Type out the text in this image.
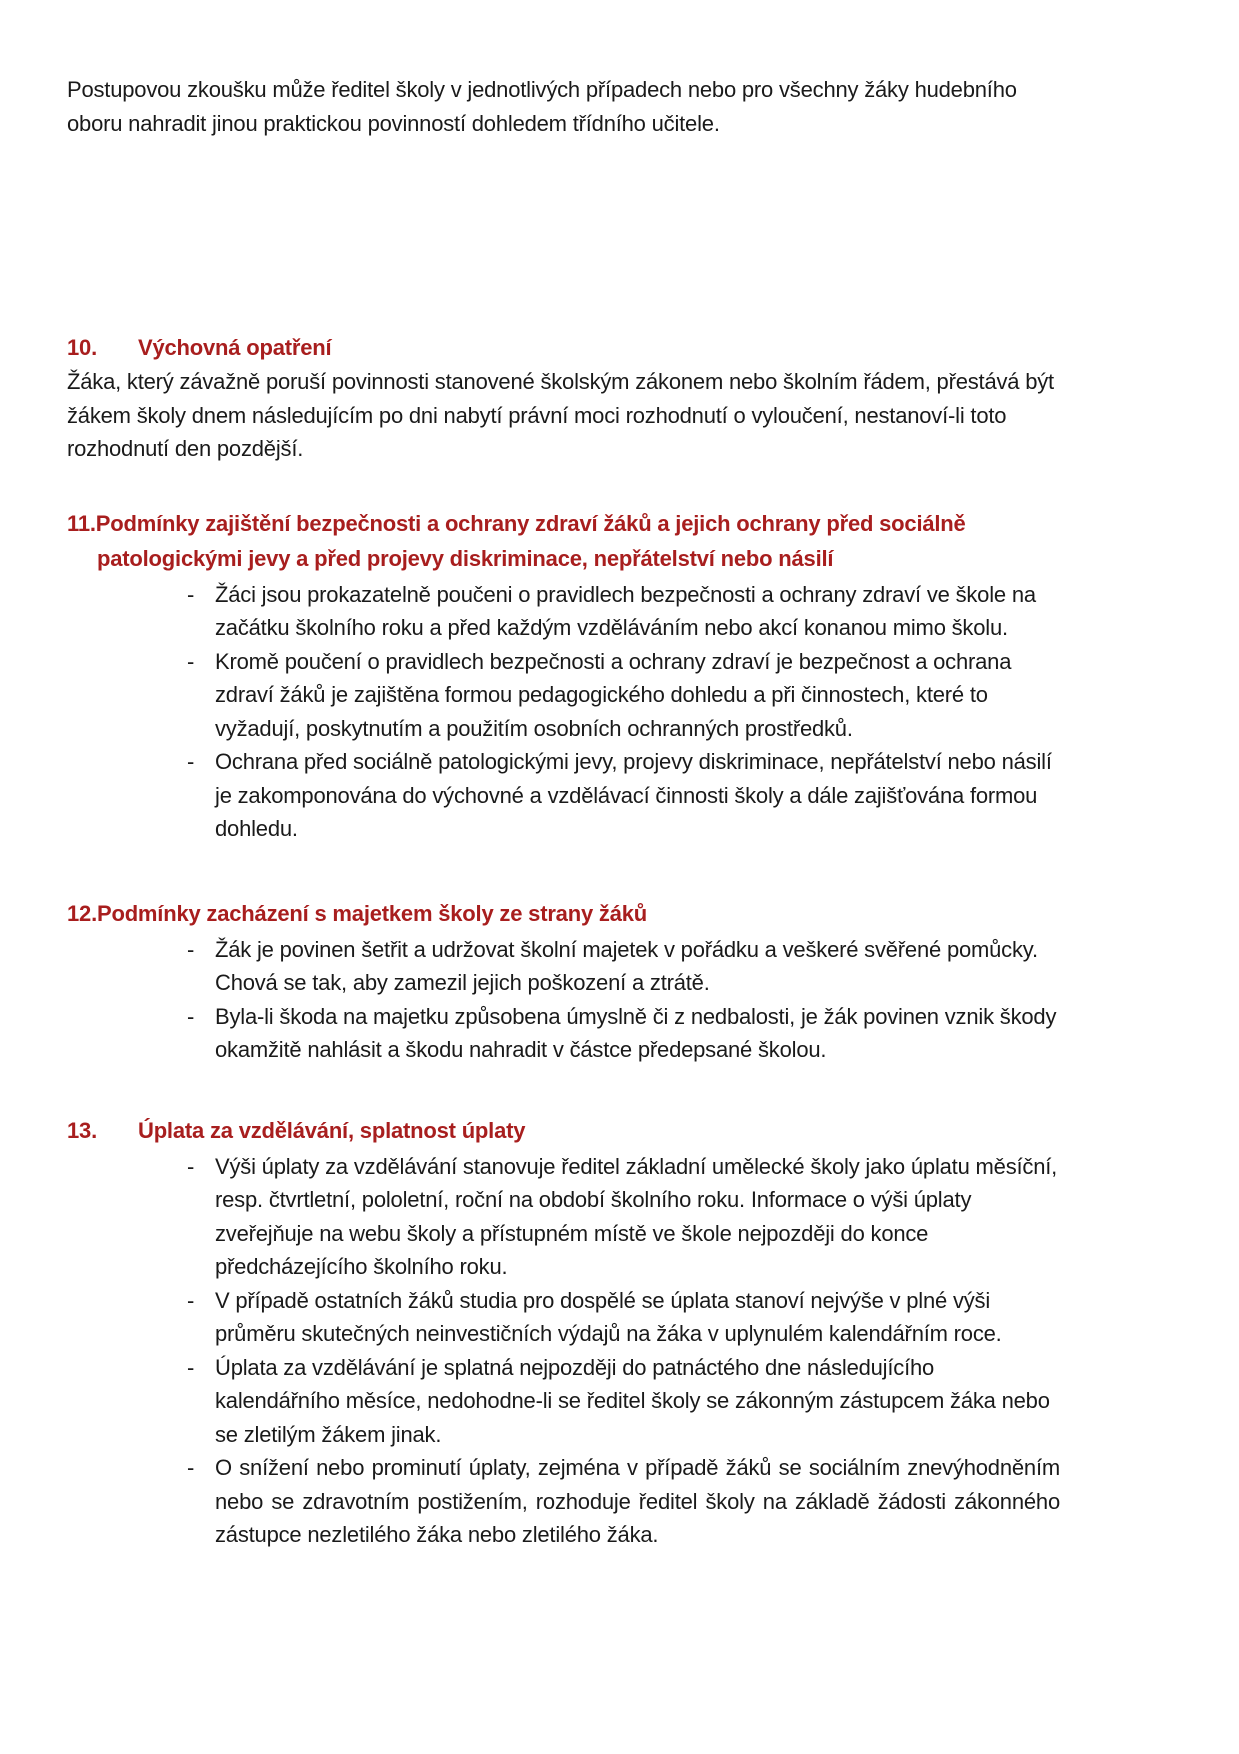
Postupovou zkoušku může ředitel školy v jednotlivých případech nebo pro všechny žáky hudebního oboru nahradit jinou praktickou povinností dohledem třídního učitele.

10. Výchovná opatření

Žáka, který závažně poruší povinnosti stanovené školským zákonem nebo školním řádem, přestává být žákem školy dnem následujícím po dni nabytí právní moci rozhodnutí o vyloučení, nestanoví-li toto rozhodnutí den pozdější.

11.Podmínky zajištění bezpečnosti a ochrany zdraví žáků a jejich ochrany před sociálně patologickými jevy a před projevy diskriminace, nepřátelství nebo násilí
- Žáci jsou prokazatelně poučeni o pravidlech bezpečnosti a ochrany zdraví ve škole na začátku školního roku a před každým vzděláváním nebo akcí konanou mimo školu.
- Kromě poučení o pravidlech bezpečnosti a ochrany zdraví je bezpečnost a ochrana zdraví žáků je zajištěna formou pedagogického dohledu a při činnostech, které to vyžadují, poskytnutím a použitím osobních ochranných prostředků.
- Ochrana před sociálně patologickými jevy, projevy diskriminace, nepřátelství nebo násilí je zakomponována do výchovné a vzdělávací činnosti školy a dále zajišťována formou dohledu.
12.Podmínky zacházení s majetkem školy ze strany žáků
- Žák je povinen šetřit a udržovat školní majetek v pořádku a veškeré svěřené pomůcky. Chová se tak, aby zamezil jejich poškození a ztrátě.
- Byla-li škoda na majetku způsobena úmyslně či z nedbalosti, je žák povinen vznik škody okamžitě nahlásit a škodu nahradit v částce předepsané školou.
13. Úplata za vzdělávání, splatnost úplaty
- Výši úplaty za vzdělávání stanovuje ředitel základní umělecké školy jako úplatu měsíční, resp. čtvrtletní, pololetní, roční na období školního roku. Informace o výši úplaty zveřejňuje na webu školy a přístupném místě ve škole nejpozději do konce předcházejícího školního roku.
- V případě ostatních žáků studia pro dospělé se úplata stanoví nejvýše v plné výši průměru skutečných neinvestičních výdajů na žáka v uplynulém kalendářním roce.
- Úplata za vzdělávání je splatná nejpozději do patnáctého dne následujícího kalendářního měsíce, nedohodne-li se ředitel školy se zákonným zástupcem žáka nebo se zletilým žákem jinak.
- O snížení nebo prominutí úplaty, zejména v případě žáků se sociálním znevýhodněním nebo se zdravotním postižením, rozhoduje ředitel školy na základě žádosti zákonného zástupce nezletilého žáka nebo zletilého žáka.
